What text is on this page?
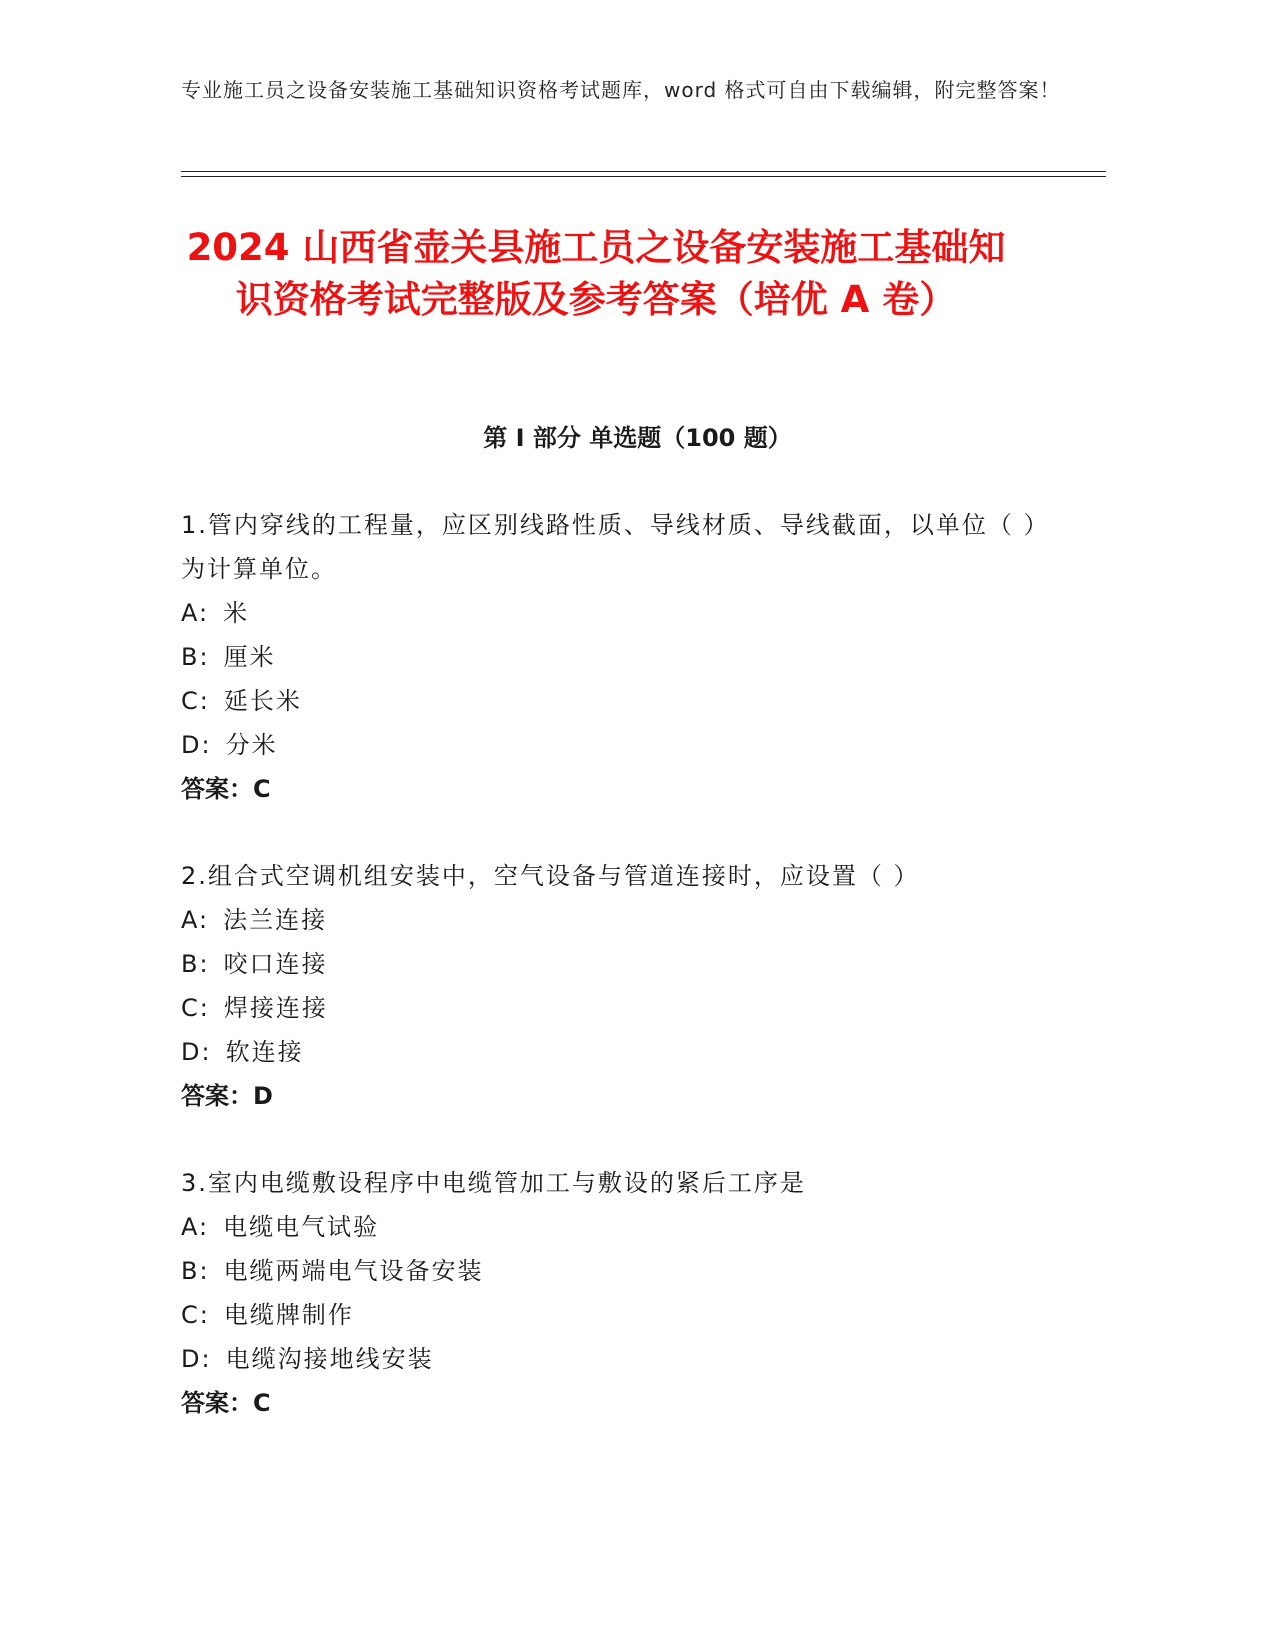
专业施工员之设备安装施工基础知识资格考试题库，word 格式可自由下载编辑，附完整答案！
2024 山西省壶关县施工员之设备安装施工基础知识资格考试完整版及参考答案（培优 A 卷）
第 I 部分 单选题（100 题）
1.管内穿线的工程量，应区别线路性质、导线材质、导线截面，以单位（ ）为计算单位。
A: 米
B: 厘米
C: 延长米
D: 分米
答案：C
2.组合式空调机组安装中，空气设备与管道连接时，应设置（ ）
A: 法兰连接
B: 咬口连接
C: 焊接连接
D: 软连接
答案：D
3.室内电缆敷设程序中电缆管加工与敷设的紧后工序是
A: 电缆电气试验
B: 电缆两端电气设备安装
C: 电缆牌制作
D: 电缆沟接地线安装
答案：C
